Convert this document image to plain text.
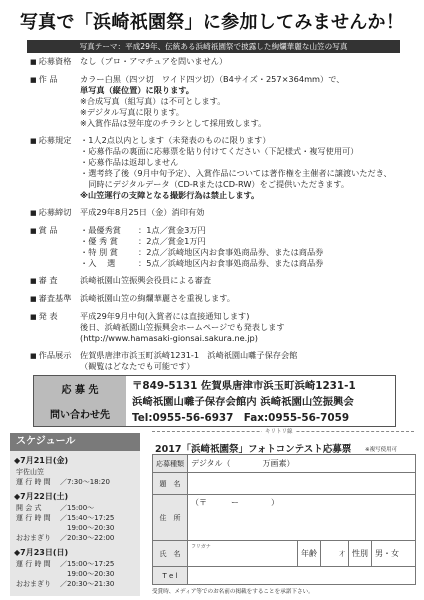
写真で「浜崎祇園祭」に参加してみませんか！
写真テーマ：平成29年、伝統ある浜崎祇園祭で披露した絢爛華麗な山笠の写真
■ 応募資格	なし（プロ・アマチュアを問いません）
■ 作 品	カラー白黒（四ツ切　ワイド四ツ切）（B4サイズ・257×364mm）で、
単写真（縦位置）に限ります。
※合成写真（組写真）は不可とします。
※デジタル写真に限ります。
※入賞作品は翌年度のチラシとして採用致します。
■ 応募規定	・1人2点以内とします（未発表のものに限ります）
・応募作品の裏面に応募票を貼り付けてください（下記様式・複写使用可）
・応募作品は返却しません
・選考終了後（9月中旬予定）、入賞作品については著作権を主催者に譲渡いただき、
　同時にデジタルデータ（CD-RまたはCD-RW）をご提供いただきます。
※山笠運行の支障となる撮影行為は禁止します。
■ 応募締切	平成29年8月25日（金）消印有効
■ 賞 品	・最優秀賞	：1点／賞金3万円
・優 秀 賞	：2点／賞金1万円
・特 別 賞	：2点／浜崎地区内お食事処商品券、または商品券
・入　 選	：5点／浜崎地区内お食事処商品券、または商品券
■ 審 査	浜崎祇園山笠振興会役員による審査
■ 審査基準	浜崎祇園山笠の絢爛華麗さを重視します。
■ 発 表	平成29年9月中旬(入賞者には直接通知します)
後日、浜崎祇園山笠振興会ホームページでも発表します
(http://www.hamasaki-gionsai.sakura.ne.jp)
■ 作品展示	佐賀県唐津市浜玉町浜崎1231-1　浜崎祇園山囃子保存会館
（観覧はどなたでも可能です）
応 募 先
問い合わせ先
〒849-5131 佐賀県唐津市浜玉町浜崎1231-1
浜崎祇園山囃子保存会館内 浜崎祇園山笠振興会
Tel:0955-56-6937　Fax:0955-56-7059
スケジュール
◆7月21日(金)
宇佐山笠
運 行 時 間	／7:30～18:20
◆7月22日(土)
開 会 式	／15:00～
運 行 時 間	／15:40～17:25
　19:00～20:30
おおまぎり	／20:30～22:00
◆7月23日(日)
運 行 時 間	／15:00～17:25
　19:00～20:30
おおまぎり	／20:30～21:30
キリトリ線
2017「浜崎祇園祭」フォトコンテスト応募票	※複写使用可
応募種類	デジタル（　　　　万画素）				
題　名					
住　所	（〒　　　ー　　　　）				
氏　名	フリガナ	年齢	才	性別	男・女
T e l					
受賞時、メディア等でのお名前の掲載をすることを承諾下さい。
